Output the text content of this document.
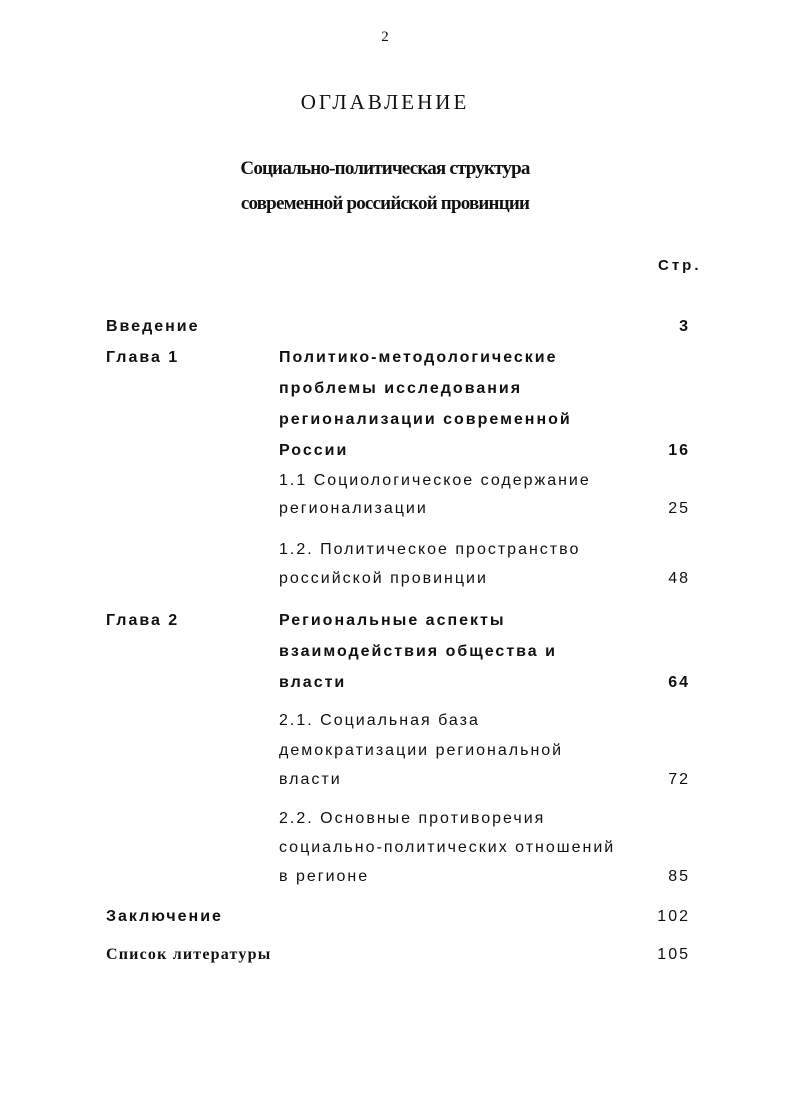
2
ОГЛАВЛЕНИЕ
Социально-политическая структура
современной российской провинции
Стр.
Введение	3
Глава 1	Политико-методологические
проблемы исследования
регионализации современной
России	16
1.1 Социологическое содержание
регионализации	25
1.2. Политическое пространство
российской провинции	48
Глава 2	Региональные аспекты
взаимодействия общества и
власти	64
2.1. Социальная база
демократизации региональной
власти	72
2.2. Основные противоречия
социально-политических отношений
в регионе	85
Заключение	102
Список литературы	105
